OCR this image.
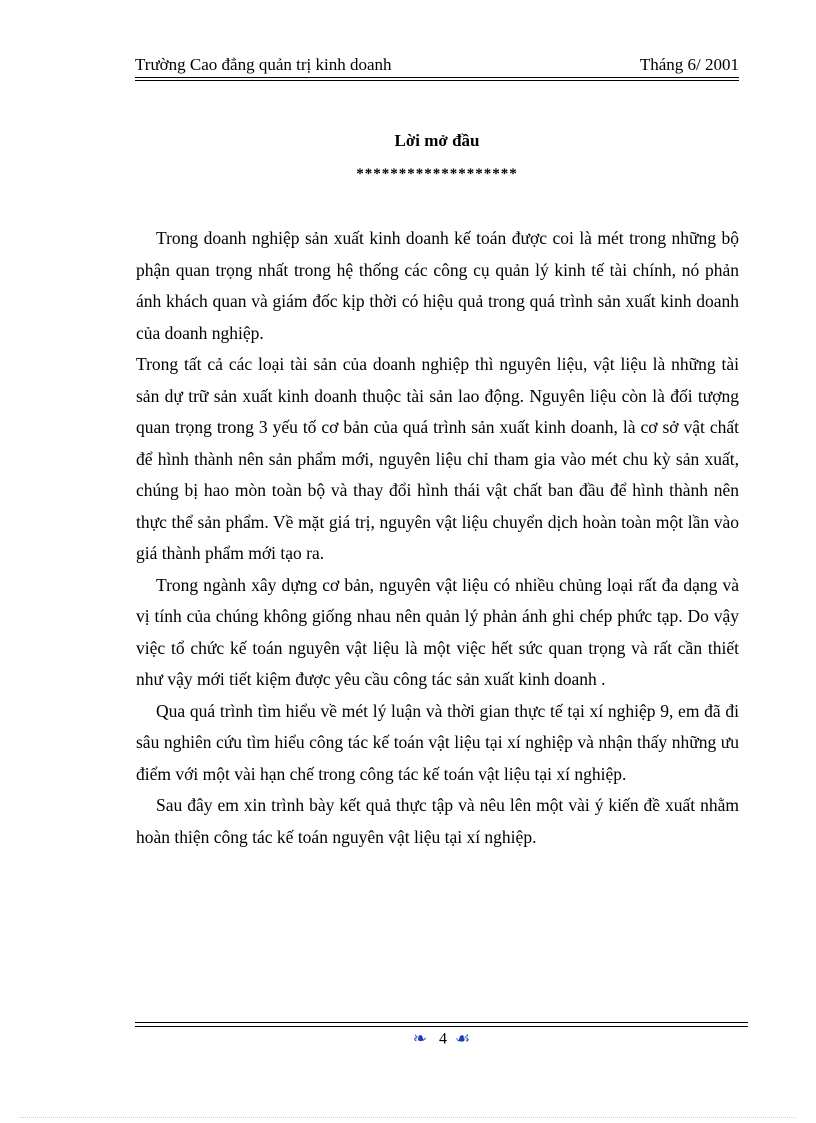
Trường Cao đẳng quản trị kinh doanh	Tháng 6/ 2001
Lời mở đầu
*******************

Trong doanh nghiệp sản xuất kinh doanh kế toán được coi là mét trong những bộ phận quan trọng nhất trong hệ thống các công cụ quản lý kinh tế tài chính, nó phản ánh khách quan và giám đốc kịp thời có hiệu quả trong quá trình sản xuất kinh doanh của doanh nghiệp.

Trong tất cả các loại tài sản của doanh nghiệp thì nguyên liệu, vật liệu là những tài sản dự trữ sản xuất kinh doanh thuộc tài sản lao động. Nguyên liệu còn là đối tượng quan trọng trong 3 yếu tố cơ bản của quá trình sản xuất kinh doanh, là cơ sở vật chất để hình thành nên sản phẩm mới, nguyên liệu chỉ tham gia vào mét chu kỳ sản xuất, chúng bị hao mòn toàn bộ và thay đổi hình thái vật chất ban đầu để hình thành nên thực thể sản phẩm. Về mặt giá trị, nguyên vật liệu chuyển dịch hoàn toàn một lần vào giá thành phẩm mới tạo ra.

Trong ngành xây dựng cơ bản, nguyên vật liệu có nhiều chủng loại rất đa dạng và vị tính của chúng không giống nhau nên quản lý phản ánh ghi chép phức tạp. Do vậy việc tổ chức kế toán nguyên vật liệu là một việc hết sức quan trọng và rất cần thiết như vậy mới tiết kiệm được yêu cầu công tác sản xuất kinh doanh .

Qua quá trình tìm hiểu về mét lý luận và thời gian thực tế tại xí nghiệp 9, em đã đi sâu nghiên cứu tìm hiểu công tác kế toán vật liệu tại xí nghiệp và nhận thấy những ưu điểm với một vài hạn chế trong công tác kế toán vật liệu tại xí nghiệp.

Sau đây em xin trình bày kết quả thực tập và nêu lên một vài ý kiến đề xuất nhằm hoàn thiện công tác kế toán nguyên vật liệu tại xí nghiệp.

❧ 4 ☙
